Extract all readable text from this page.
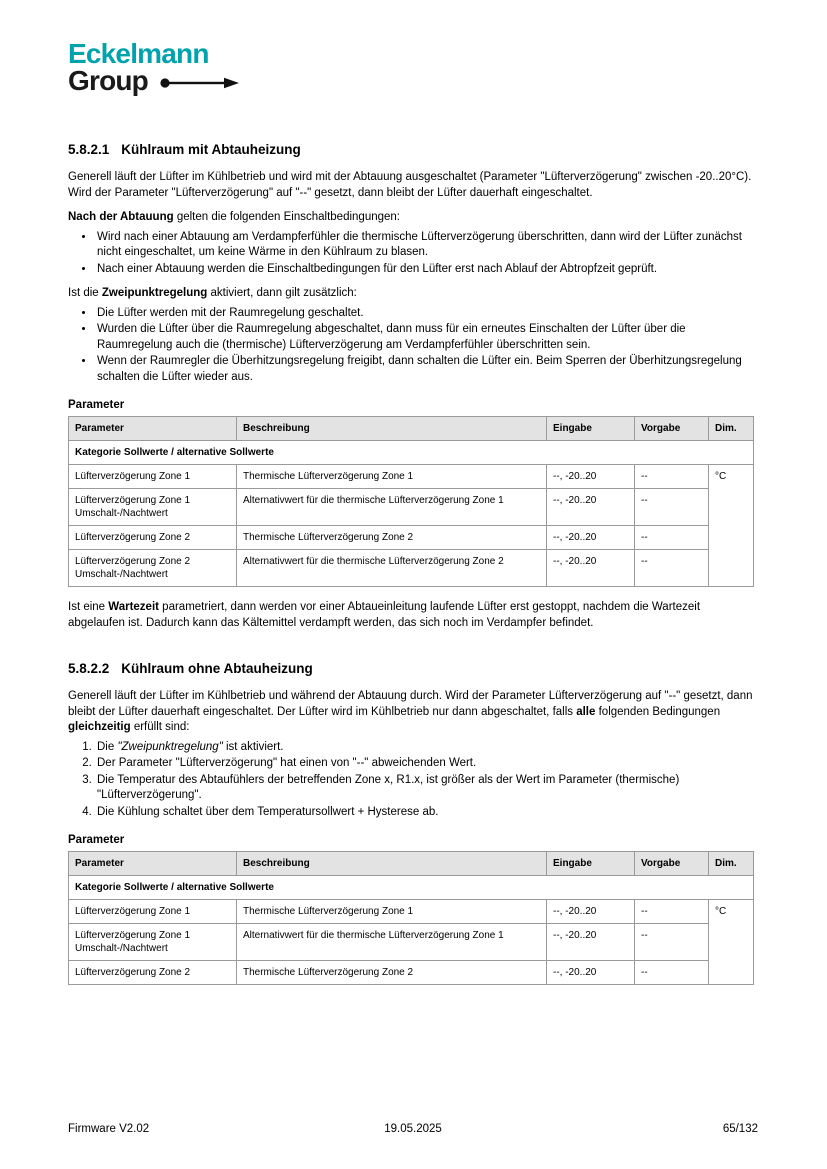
Eckelmann
Group
5.8.2.1 Kühlraum mit Abtauheizung

Generell läuft der Lüfter im Kühlbetrieb und wird mit der Abtauung ausgeschaltet (Parameter "Lüfterverzögerung" zwischen -20..20°C). Wird der Parameter "Lüfterverzögerung" auf "--" gesetzt, dann bleibt der Lüfter dauerhaft eingeschaltet.

Nach der Abtauung gelten die folgenden Einschaltbedingungen:

• Wird nach einer Abtauung am Verdampferfühler die thermische Lüfterverzögerung überschritten, dann wird der Lüfter zunächst nicht eingeschaltet, um keine Wärme in den Kühlraum zu blasen.
• Nach einer Abtauung werden die Einschaltbedingungen für den Lüfter erst nach Ablauf der Abtropfzeit geprüft.

Ist die Zweipunktregelung aktiviert, dann gilt zusätzlich:

• Die Lüfter werden mit der Raumregelung geschaltet.
• Wurden die Lüfter über die Raumregelung abgeschaltet, dann muss für ein erneutes Einschalten der Lüfter über die Raumregelung auch die (thermische) Lüfterverzögerung am Verdampferfühler überschritten sein.
• Wenn der Raumregler die Überhitzungsregelung freigibt, dann schalten die Lüfter ein. Beim Sperren der Überhitzungsregelung schalten die Lüfter wieder aus.
Parameter
Parameter	Beschreibung	Eingabe	Vorgabe	Dim.
Kategorie Sollwerte / alternative Sollwerte				
Lüfterverzögerung Zone 1	Thermische Lüfterverzögerung Zone 1	--, -20..20	--	°C
Lüfterverzögerung Zone 1 Umschalt-/Nachtwert	Alternativwert für die thermische Lüfterverzögerung Zone 1	--, -20..20	--	
Lüfterverzögerung Zone 2	Thermische Lüfterverzögerung Zone 2	--, -20..20	--	
Lüfterverzögerung Zone 2 Umschalt-/Nachtwert	Alternativwert für die thermische Lüfterverzögerung Zone 2	--, -20..20	--	

Ist eine Wartezeit parametriert, dann werden vor einer Abtaueinleitung laufende Lüfter erst gestoppt, nachdem die Wartezeit abgelaufen ist. Dadurch kann das Kältemittel verdampft werden, das sich noch im Verdampfer befindet.

5.8.2.2 Kühlraum ohne Abtauheizung

Generell läuft der Lüfter im Kühlbetrieb und während der Abtauung durch. Wird der Parameter Lüfterverzögerung auf "--" gesetzt, dann bleibt der Lüfter dauerhaft eingeschaltet. Der Lüfter wird im Kühlbetrieb nur dann abgeschaltet, falls alle folgenden Bedingungen gleichzeitig erfüllt sind:

1. Die "Zweipunktregelung" ist aktiviert.
2. Der Parameter "Lüfterverzögerung" hat einen von "--" abweichenden Wert.
3. Die Temperatur des Abtaufühlers der betreffenden Zone x, R1.x, ist größer als der Wert im Parameter (thermische) "Lüfterverzögerung".
4. Die Kühlung schaltet über dem Temperatursollwert + Hysterese ab.
Parameter
Parameter	Beschreibung	Eingabe	Vorgabe	Dim.
Kategorie Sollwerte / alternative Sollwerte				
Lüfterverzögerung Zone 1	Thermische Lüfterverzögerung Zone 1	--, -20..20	--	°C
Lüfterverzögerung Zone 1 Umschalt-/Nachtwert	Alternativwert für die thermische Lüfterverzögerung Zone 1	--, -20..20	--	
Lüfterverzögerung Zone 2	Thermische Lüfterverzögerung Zone 2	--, -20..20	--	
Firmware V2.02	19.05.2025	65/132
